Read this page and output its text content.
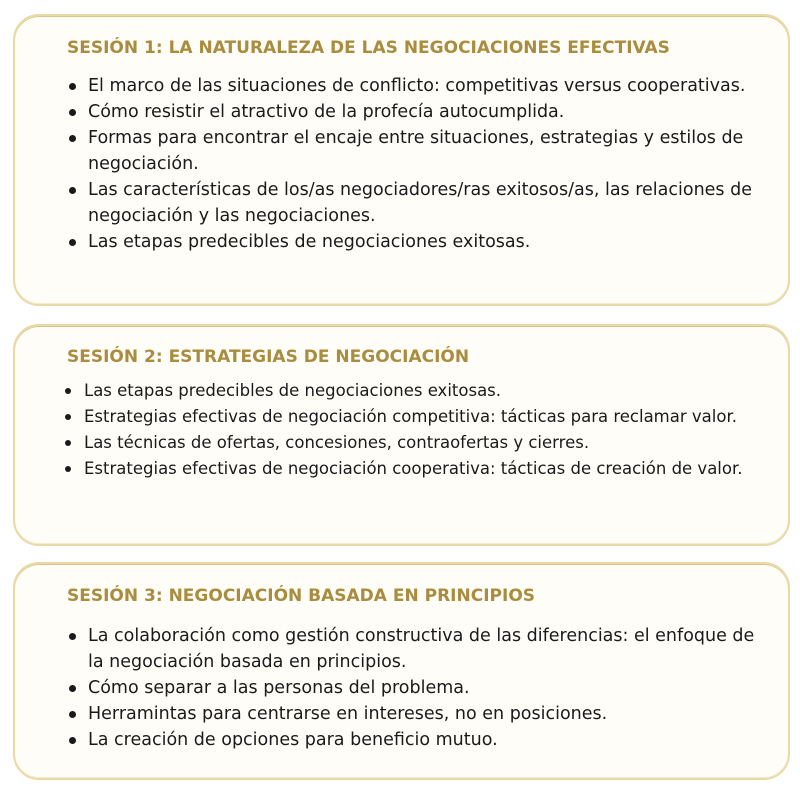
SESIÓN 1: LA NATURALEZA DE LAS NEGOCIACIONES EFECTIVAS
El marco de las situaciones de conflicto: competitivas versus cooperativas.
Cómo resistir el atractivo de la profecía autocumplida.
Formas para encontrar el encaje entre situaciones, estrategias y estilos de negociación.
Las características de los/as negociadores/ras exitosos/as, las relaciones de negociación y las negociaciones.
Las etapas predecibles de negociaciones exitosas.
SESIÓN 2: ESTRATEGIAS DE NEGOCIACIÓN
Las etapas predecibles de negociaciones exitosas.
Estrategias efectivas de negociación competitiva: tácticas para reclamar valor.
Las técnicas de ofertas, concesiones, contraofertas y cierres.
Estrategias efectivas de negociación cooperativa: tácticas de creación de valor.
SESIÓN 3: NEGOCIACIÓN BASADA EN PRINCIPIOS
La colaboración como gestión constructiva de las diferencias: el enfoque de la negociación basada en principios.
Cómo separar a las personas del problema.
Herramintas para centrarse en intereses, no en posiciones.
La creación de opciones para beneficio mutuo.
